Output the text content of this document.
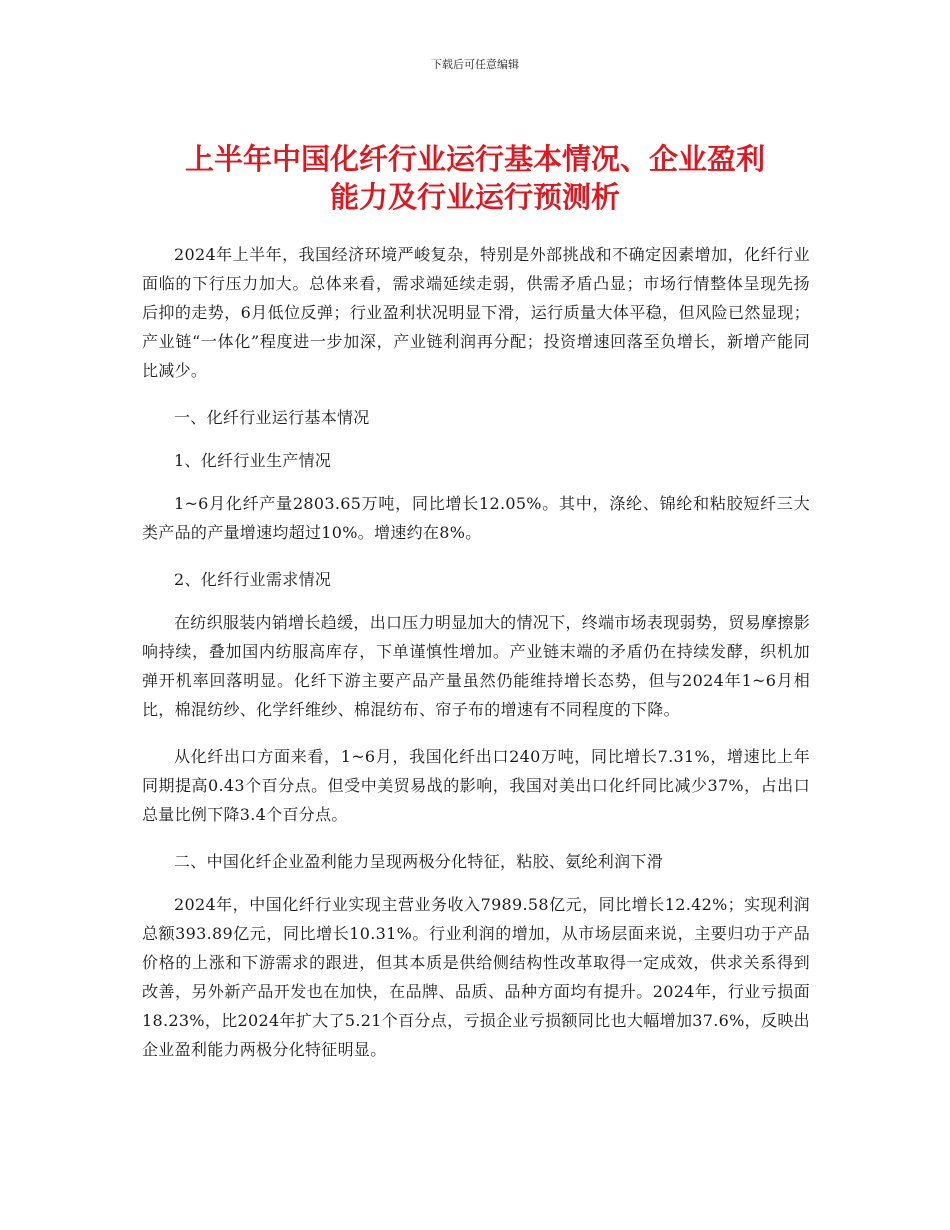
下载后可任意编辑
上半年中国化纤行业运行基本情况、企业盈利
能力及行业运行预测析

2024年上半年，我国经济环境严峻复杂，特别是外部挑战和不确定因素增加，化纤行业面临的下行压力加大。总体来看，需求端延续走弱，供需矛盾凸显；市场行情整体呈现先扬后抑的走势，6月低位反弹；行业盈利状况明显下滑，运行质量大体平稳，但风险已然显现；产业链“一体化”程度进一步加深，产业链利润再分配；投资增速回落至负增长，新增产能同比减少。

一、化纤行业运行基本情况

1、化纤行业生产情况

1~6月化纤产量2803.65万吨，同比增长12.05%。其中，涤纶、锦纶和粘胶短纤三大类产品的产量增速均超过10%。增速约在8%。

2、化纤行业需求情况

在纺织服装内销增长趋缓，出口压力明显加大的情况下，终端市场表现弱势，贸易摩擦影响持续，叠加国内纺服高库存，下单谨慎性增加。产业链末端的矛盾仍在持续发酵，织机加弹开机率回落明显。化纤下游主要产品产量虽然仍能维持增长态势，但与2024年1~6月相比，棉混纺纱、化学纤维纱、棉混纺布、帘子布的增速有不同程度的下降。

从化纤出口方面来看，1~6月，我国化纤出口240万吨，同比增长7.31%，增速比上年同期提高0.43个百分点。但受中美贸易战的影响，我国对美出口化纤同比减少37%，占出口总量比例下降3.4个百分点。

二、中国化纤企业盈利能力呈现两极分化特征，粘胶、氨纶利润下滑

2024年，中国化纤行业实现主营业务收入7989.58亿元，同比增长12.42%；实现利润总额393.89亿元，同比增长10.31%。行业利润的增加，从市场层面来说，主要归功于产品价格的上涨和下游需求的跟进，但其本质是供给侧结构性改革取得一定成效，供求关系得到改善，另外新产品开发也在加快，在品牌、品质、品种方面均有提升。2024年，行业亏损面18.23%，比2024年扩大了5.21个百分点，亏损企业亏损额同比也大幅增加37.6%，反映出企业盈利能力两极分化特征明显。
